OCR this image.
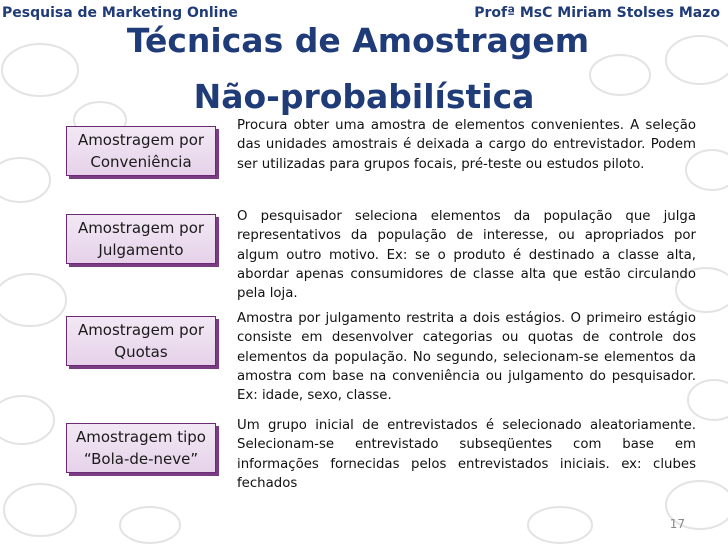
Pesquisa de Marketing Online	Profª MsC Miriam Stolses Mazo
Técnicas de Amostragem
Não-probabilística
Amostragem por
Conveniência
Procura obter uma amostra de elementos convenientes. A seleção das unidades amostrais é deixada a cargo do entrevistador. Podem ser utilizadas para grupos focais, pré-teste ou estudos piloto.
Amostragem por
Julgamento
O pesquisador seleciona elementos da população que julga representativos da população de interesse, ou apropriados por algum outro motivo. Ex: se o produto é destinado a classe alta, abordar apenas consumidores de classe alta que estão circulando pela loja.
Amostragem por
Quotas
Amostra por julgamento restrita a dois estágios. O primeiro estágio consiste em desenvolver categorias ou quotas de controle dos elementos da população. No segundo, selecionam-se elementos da amostra com base na conveniência ou julgamento do pesquisador. Ex: idade, sexo, classe.
Amostragem tipo
“Bola-de-neve”
Um grupo inicial de entrevistados é selecionado aleatoriamente. Selecionam-se entrevistado subseqüentes com base em informações fornecidas pelos entrevistados iniciais. ex: clubes fechados
17
